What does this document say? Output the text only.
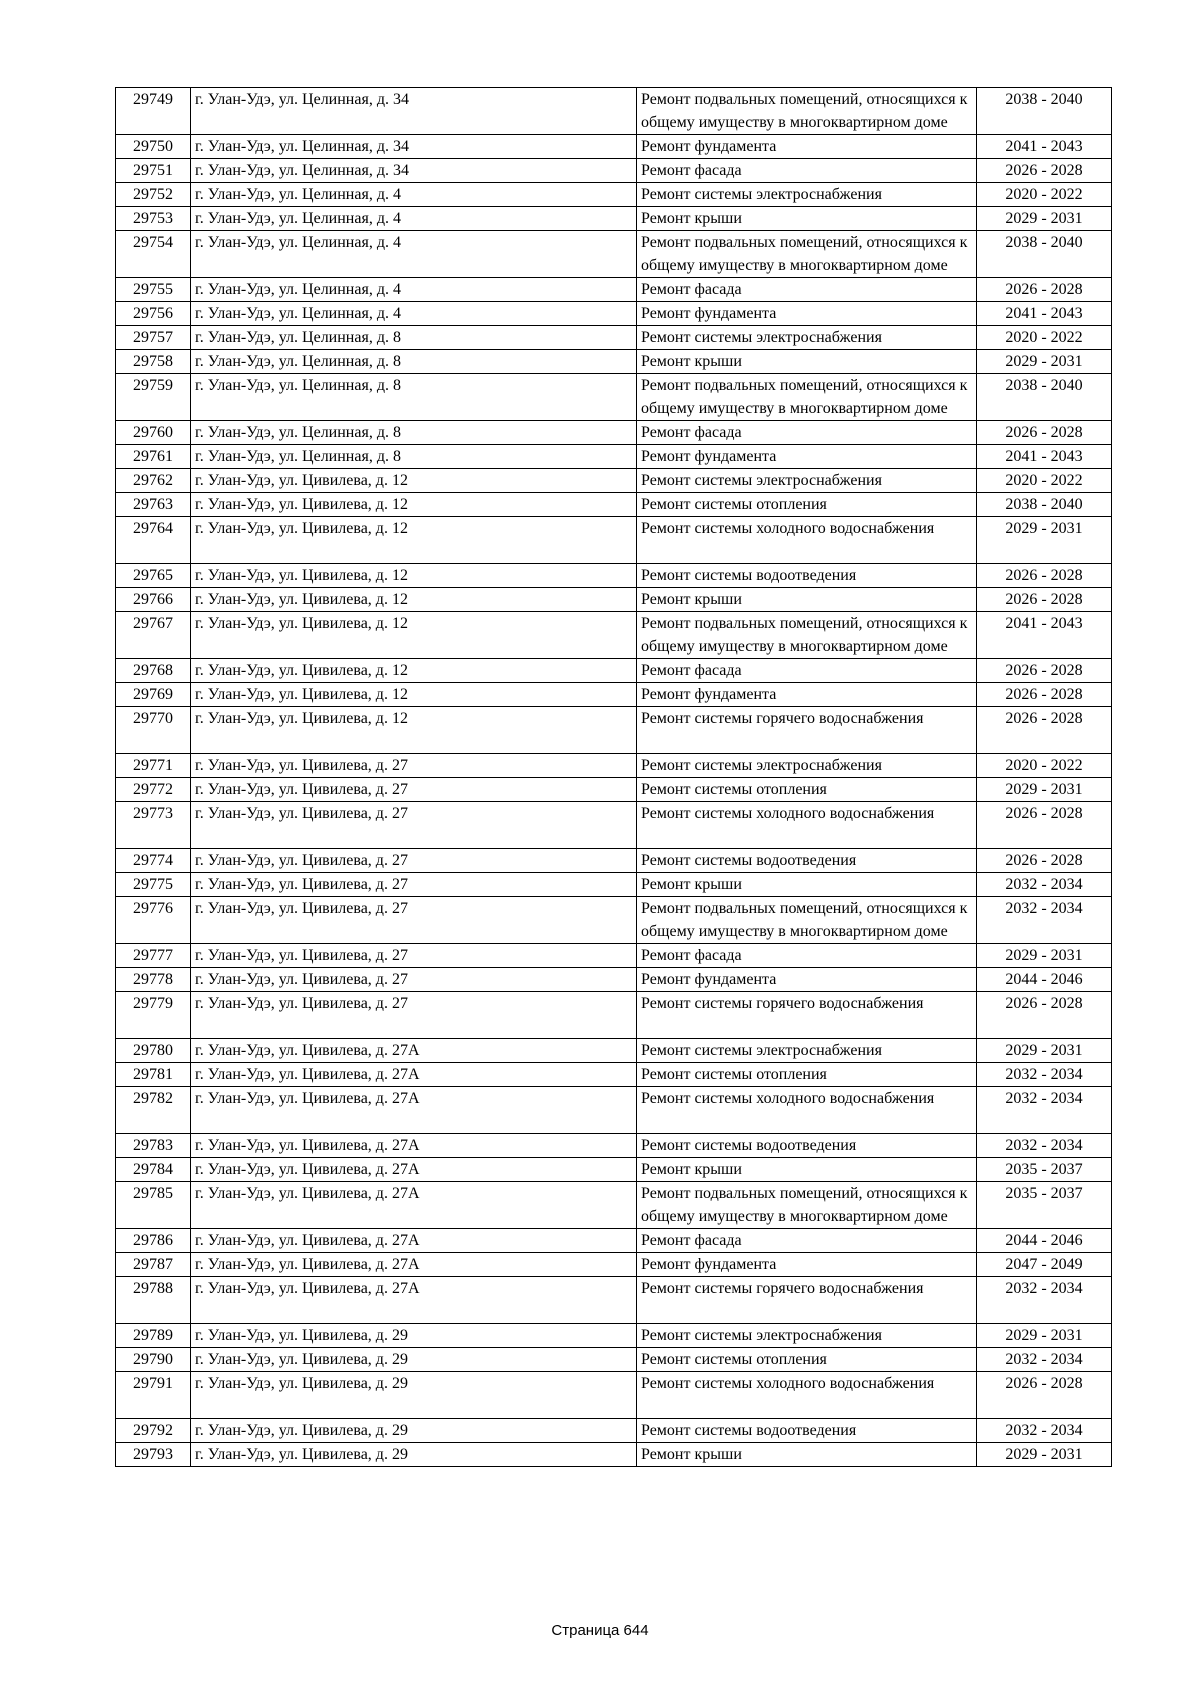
29749	г. Улан-Удэ, ул. Целинная, д. 34	Ремонт подвальных помещений, относящихся к общему имуществу в многоквартирном доме	2038 - 2040
29750	г. Улан-Удэ, ул. Целинная, д. 34	Ремонт фундамента	2041 - 2043
29751	г. Улан-Удэ, ул. Целинная, д. 34	Ремонт фасада	2026 - 2028
29752	г. Улан-Удэ, ул. Целинная, д. 4	Ремонт системы электроснабжения	2020 - 2022
29753	г. Улан-Удэ, ул. Целинная, д. 4	Ремонт крыши	2029 - 2031
29754	г. Улан-Удэ, ул. Целинная, д. 4	Ремонт подвальных помещений, относящихся к общему имуществу в многоквартирном доме	2038 - 2040
29755	г. Улан-Удэ, ул. Целинная, д. 4	Ремонт фасада	2026 - 2028
29756	г. Улан-Удэ, ул. Целинная, д. 4	Ремонт фундамента	2041 - 2043
29757	г. Улан-Удэ, ул. Целинная, д. 8	Ремонт системы электроснабжения	2020 - 2022
29758	г. Улан-Удэ, ул. Целинная, д. 8	Ремонт крыши	2029 - 2031
29759	г. Улан-Удэ, ул. Целинная, д. 8	Ремонт подвальных помещений, относящихся к общему имуществу в многоквартирном доме	2038 - 2040
29760	г. Улан-Удэ, ул. Целинная, д. 8	Ремонт фасада	2026 - 2028
29761	г. Улан-Удэ, ул. Целинная, д. 8	Ремонт фундамента	2041 - 2043
29762	г. Улан-Удэ, ул. Цивилева, д. 12	Ремонт системы электроснабжения	2020 - 2022
29763	г. Улан-Удэ, ул. Цивилева, д. 12	Ремонт системы отопления	2038 - 2040
29764	г. Улан-Удэ, ул. Цивилева, д. 12	Ремонт системы холодного водоснабжения	2029 - 2031
29765	г. Улан-Удэ, ул. Цивилева, д. 12	Ремонт системы водоотведения	2026 - 2028
29766	г. Улан-Удэ, ул. Цивилева, д. 12	Ремонт крыши	2026 - 2028
29767	г. Улан-Удэ, ул. Цивилева, д. 12	Ремонт подвальных помещений, относящихся к общему имуществу в многоквартирном доме	2041 - 2043
29768	г. Улан-Удэ, ул. Цивилева, д. 12	Ремонт фасада	2026 - 2028
29769	г. Улан-Удэ, ул. Цивилева, д. 12	Ремонт фундамента	2026 - 2028
29770	г. Улан-Удэ, ул. Цивилева, д. 12	Ремонт системы горячего водоснабжения	2026 - 2028
29771	г. Улан-Удэ, ул. Цивилева, д. 27	Ремонт системы электроснабжения	2020 - 2022
29772	г. Улан-Удэ, ул. Цивилева, д. 27	Ремонт системы отопления	2029 - 2031
29773	г. Улан-Удэ, ул. Цивилева, д. 27	Ремонт системы холодного водоснабжения	2026 - 2028
29774	г. Улан-Удэ, ул. Цивилева, д. 27	Ремонт системы водоотведения	2026 - 2028
29775	г. Улан-Удэ, ул. Цивилева, д. 27	Ремонт крыши	2032 - 2034
29776	г. Улан-Удэ, ул. Цивилева, д. 27	Ремонт подвальных помещений, относящихся к общему имуществу в многоквартирном доме	2032 - 2034
29777	г. Улан-Удэ, ул. Цивилева, д. 27	Ремонт фасада	2029 - 2031
29778	г. Улан-Удэ, ул. Цивилева, д. 27	Ремонт фундамента	2044 - 2046
29779	г. Улан-Удэ, ул. Цивилева, д. 27	Ремонт системы горячего водоснабжения	2026 - 2028
29780	г. Улан-Удэ, ул. Цивилева, д. 27А	Ремонт системы электроснабжения	2029 - 2031
29781	г. Улан-Удэ, ул. Цивилева, д. 27А	Ремонт системы отопления	2032 - 2034
29782	г. Улан-Удэ, ул. Цивилева, д. 27А	Ремонт системы холодного водоснабжения	2032 - 2034
29783	г. Улан-Удэ, ул. Цивилева, д. 27А	Ремонт системы водоотведения	2032 - 2034
29784	г. Улан-Удэ, ул. Цивилева, д. 27А	Ремонт крыши	2035 - 2037
29785	г. Улан-Удэ, ул. Цивилева, д. 27А	Ремонт подвальных помещений, относящихся к общему имуществу в многоквартирном доме	2035 - 2037
29786	г. Улан-Удэ, ул. Цивилева, д. 27А	Ремонт фасада	2044 - 2046
29787	г. Улан-Удэ, ул. Цивилева, д. 27А	Ремонт фундамента	2047 - 2049
29788	г. Улан-Удэ, ул. Цивилева, д. 27А	Ремонт системы горячего водоснабжения	2032 - 2034
29789	г. Улан-Удэ, ул. Цивилева, д. 29	Ремонт системы электроснабжения	2029 - 2031
29790	г. Улан-Удэ, ул. Цивилева, д. 29	Ремонт системы отопления	2032 - 2034
29791	г. Улан-Удэ, ул. Цивилева, д. 29	Ремонт системы холодного водоснабжения	2026 - 2028
29792	г. Улан-Удэ, ул. Цивилева, д. 29	Ремонт системы водоотведения	2032 - 2034
29793	г. Улан-Удэ, ул. Цивилева, д. 29	Ремонт крыши	2029 - 2031
Страница 644
